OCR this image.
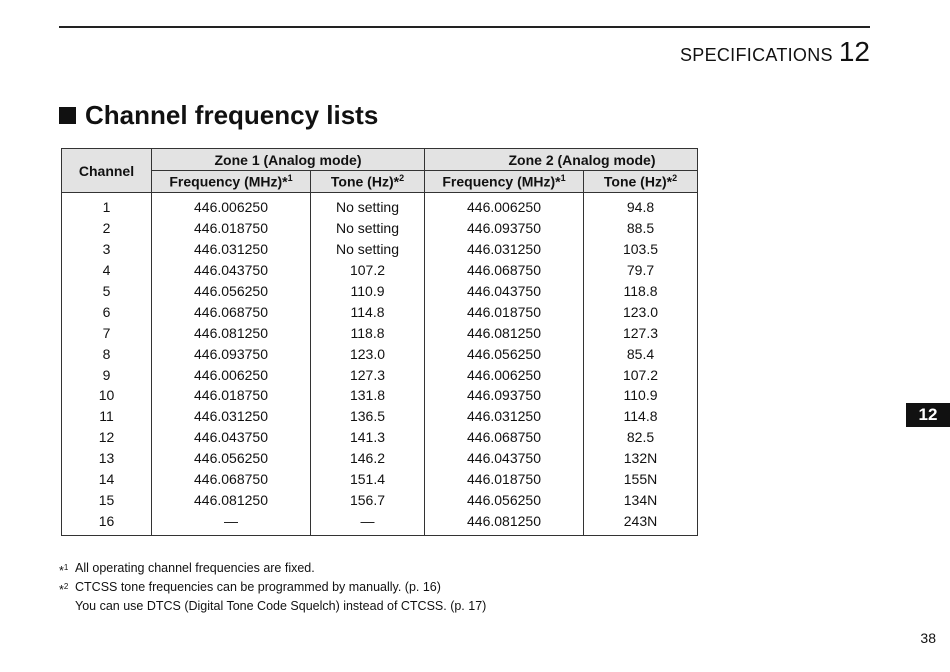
SPECIFICATIONS 12
Channel frequency lists
Channel	Zone 1 (Analog mode)		Zone 2 (Analog mode)	
	Frequency (MHz)*$^1$	Tone (Hz)*$^2$	Frequency (MHz)*$^1$	Tone (Hz)*$^2$
1	446.006250	No setting	446.006250	94.8
2	446.018750	No setting	446.093750	88.5
3	446.031250	No setting	446.031250	103.5
4	446.043750	107.2	446.068750	79.7
5	446.056250	110.9	446.043750	118.8
6	446.068750	114.8	446.018750	123.0
7	446.081250	118.8	446.081250	127.3
8	446.093750	123.0	446.056250	85.4
9	446.006250	127.3	446.006250	107.2
10	446.018750	131.8	446.093750	110.9
11	446.031250	136.5	446.031250	114.8
12	446.043750	141.3	446.068750	82.5
13	446.056250	146.2	446.043750	132N
14	446.068750	151.4	446.018750	155N
15	446.081250	156.7	446.056250	134N
16	—	—	446.081250	243N
*$^1$ All operating channel frequencies are fixed.
*$^2$ CTCSS tone frequencies can be programmed by manually. (p. 16)
You can use DTCS (Digital Tone Code Squelch) instead of CTCSS. (p. 17)
12
38
